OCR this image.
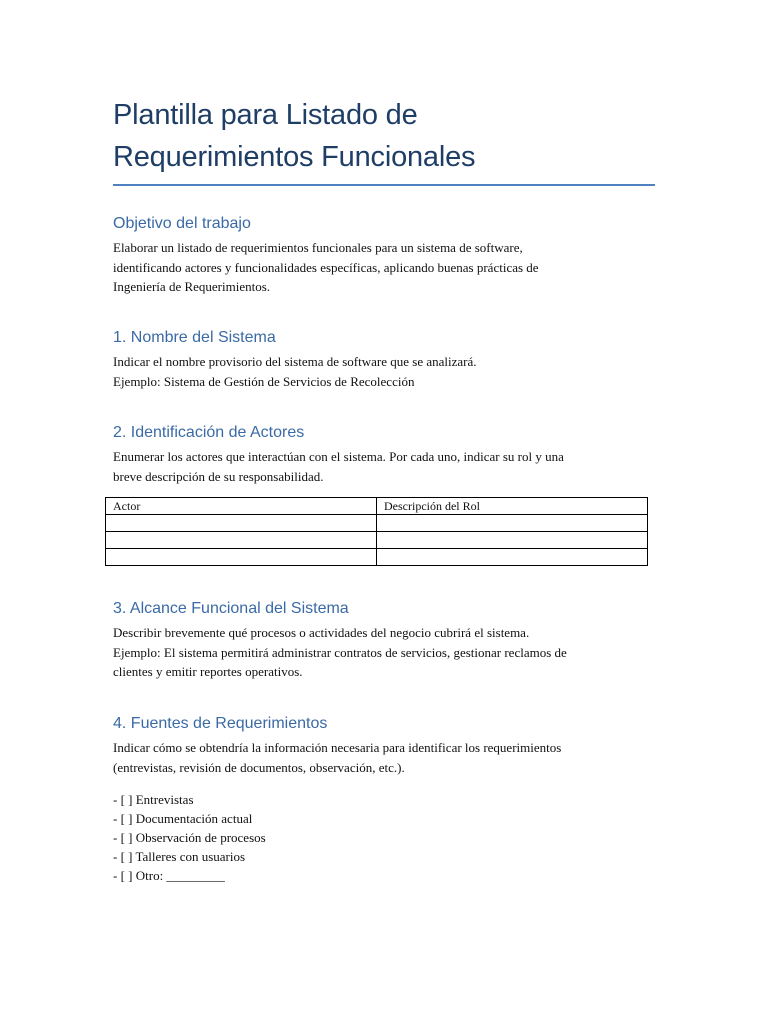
Plantilla para Listado de
Requerimientos Funcionales
Objetivo del trabajo

Elaborar un listado de requerimientos funcionales para un sistema de software,
identificando actores y funcionalidades específicas, aplicando buenas prácticas de
Ingeniería de Requerimientos.

1. Nombre del Sistema

Indicar el nombre provisorio del sistema de software que se analizará.
Ejemplo: Sistema de Gestión de Servicios de Recolección

2. Identificación de Actores

Enumerar los actores que interactúan con el sistema. Por cada uno, indicar su rol y una
breve descripción de su responsabilidad.

Actor	Descripción del Rol

3. Alcance Funcional del Sistema

Describir brevemente qué procesos o actividades del negocio cubrirá el sistema.
Ejemplo: El sistema permitirá administrar contratos de servicios, gestionar reclamos de
clientes y emitir reportes operativos.

4. Fuentes de Requerimientos

Indicar cómo se obtendría la información necesaria para identificar los requerimientos
(entrevistas, revisión de documentos, observación, etc.).

- [ ] Entrevistas
- [ ] Documentación actual
- [ ] Observación de procesos
- [ ] Talleres con usuarios
- [ ] Otro: _________
